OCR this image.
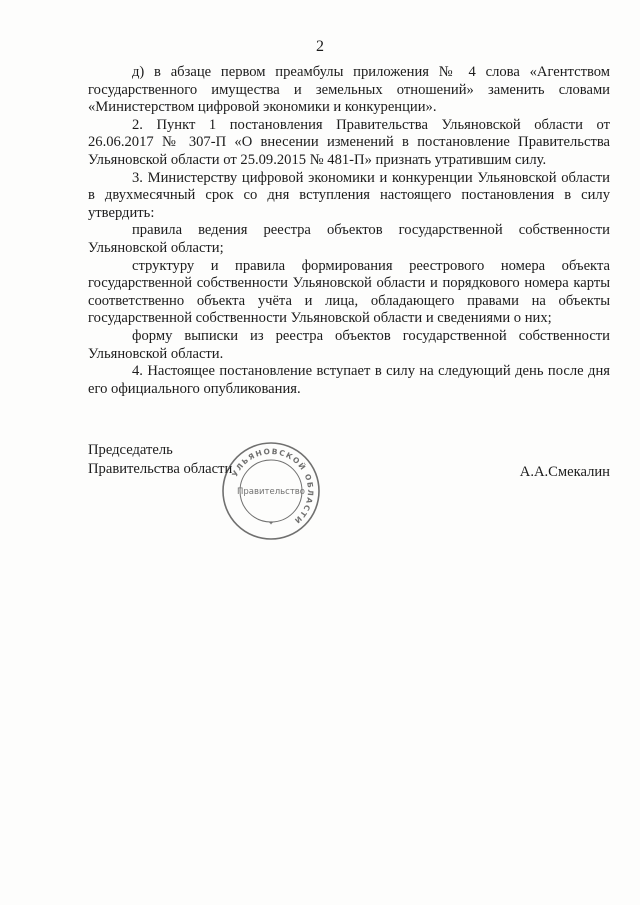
2

д) в абзаце первом преамбулы приложения № 4 слова «Агентством государственного имущества и земельных отношений» заменить словами «Министерством цифровой экономики и конкуренции».

2. Пункт 1 постановления Правительства Ульяновской области от 26.06.2017 № 307-П «О внесении изменений в постановление Правительства Ульяновской области от 25.09.2015 № 481-П» признать утратившим силу.

3. Министерству цифровой экономики и конкуренции Ульяновской области в двухмесячный срок со дня вступления настоящего постановления в силу утвердить:

правила ведения реестра объектов государственной собственности Ульяновской области;

структуру и правила формирования реестрового номера объекта государственной собственности Ульяновской области и порядкового номера карты соответственно объекта учёта и лица, обладающего правами на объекты государственной собственности Ульяновской области и сведениями о них;

форму выписки из реестра объектов государственной собственности Ульяновской области.

4. Настоящее постановление вступает в силу на следующий день после дня его официального опубликования.

Председатель
Правительства области	А.А.Смекалин
УЛЬЯНОВСКОЙ ОБЛАСТИ
Правительство
✦
